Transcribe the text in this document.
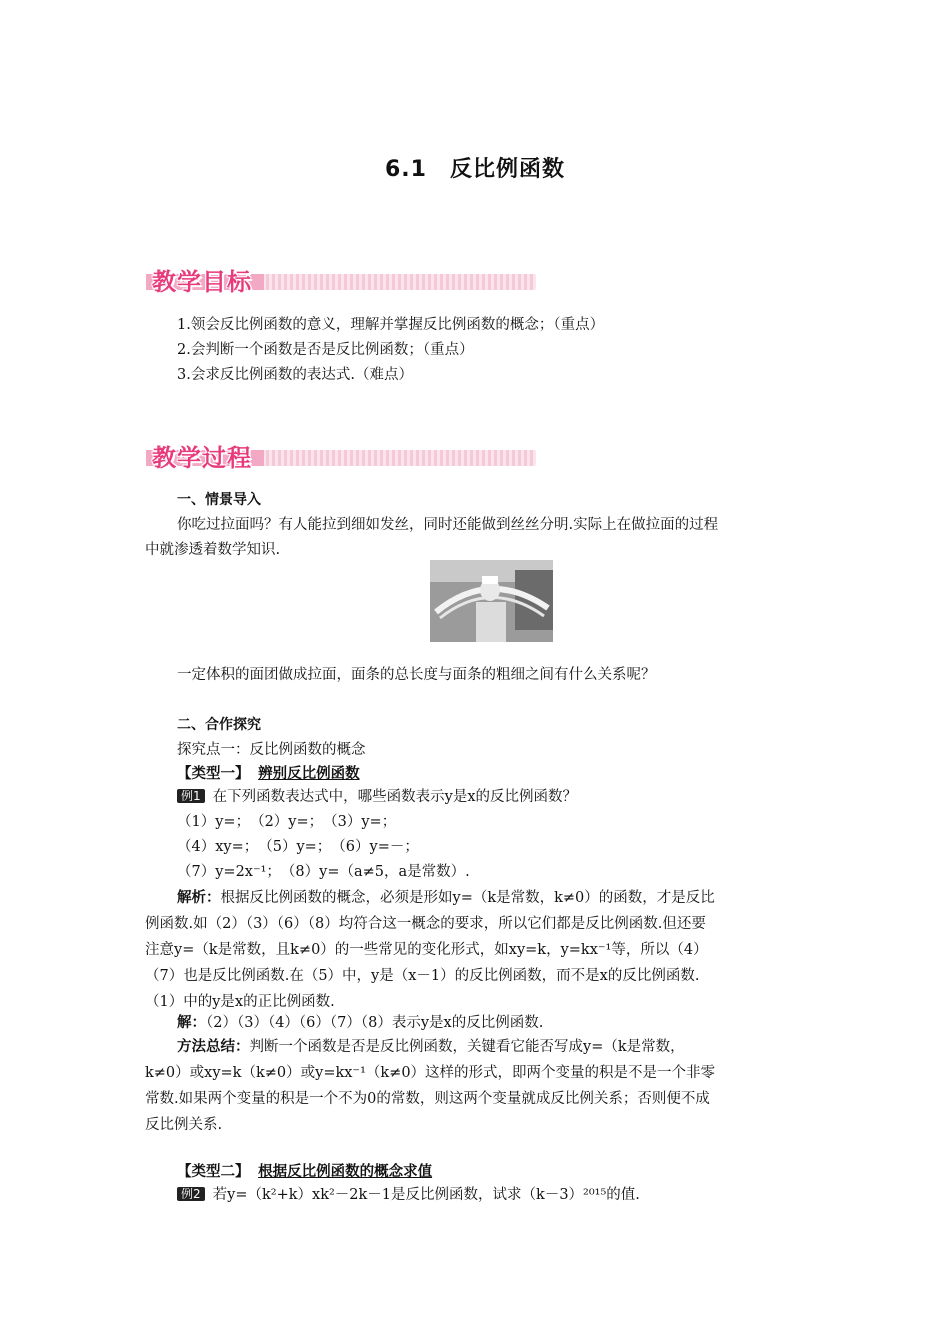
6.1　反比例函数
教学目标
1.领会反比例函数的意义，理解并掌握反比例函数的概念；（重点）
2.会判断一个函数是否是反比例函数；（重点）
3.会求反比例函数的表达式.（难点）
教学过程
一、情景导入
你吃过拉面吗？有人能拉到细如发丝，同时还能做到丝丝分明.实际上在做拉面的过程
中就渗透着数学知识.
一定体积的面团做成拉面，面条的总长度与面条的粗细之间有什么关系呢？
二、合作探究
探究点一：反比例函数的概念
【类型一】 辨别反比例函数
例1 在下列函数表达式中，哪些函数表示y是x的反比例函数？
（1）y=；　（2）y=；　（3）y=；
（4）xy=；　（5）y=；　（6）y=－；
（7）y=2x⁻¹；　（8）y=（a≠5，a是常数）.
解析：根据反比例函数的概念，必须是形如y=（k是常数，k≠0）的函数，才是反比
例函数.如（2）（3）（6）（8）均符合这一概念的要求，所以它们都是反比例函数.但还要
注意y=（k是常数，且k≠0）的一些常见的变化形式，如xy=k，y=kx⁻¹等，所以（4）
（7）也是反比例函数.在（5）中，y是（x－1）的反比例函数，而不是x的反比例函数.
（1）中的y是x的正比例函数.
解：（2）（3）（4）（6）（7）（8）表示y是x的反比例函数.
方法总结：判断一个函数是否是反比例函数，关键看它能否写成y=（k是常数，
k≠0）或xy=k（k≠0）或y=kx⁻¹（k≠0）这样的形式，即两个变量的积是不是一个非零
常数.如果两个变量的积是一个不为0的常数，则这两个变量就成反比例关系；否则便不成
反比例关系.
【类型二】 根据反比例函数的概念求值
例2 若y=（k²+k）xk²－2k－1是反比例函数，试求（k－3）²⁰¹⁵的值.
